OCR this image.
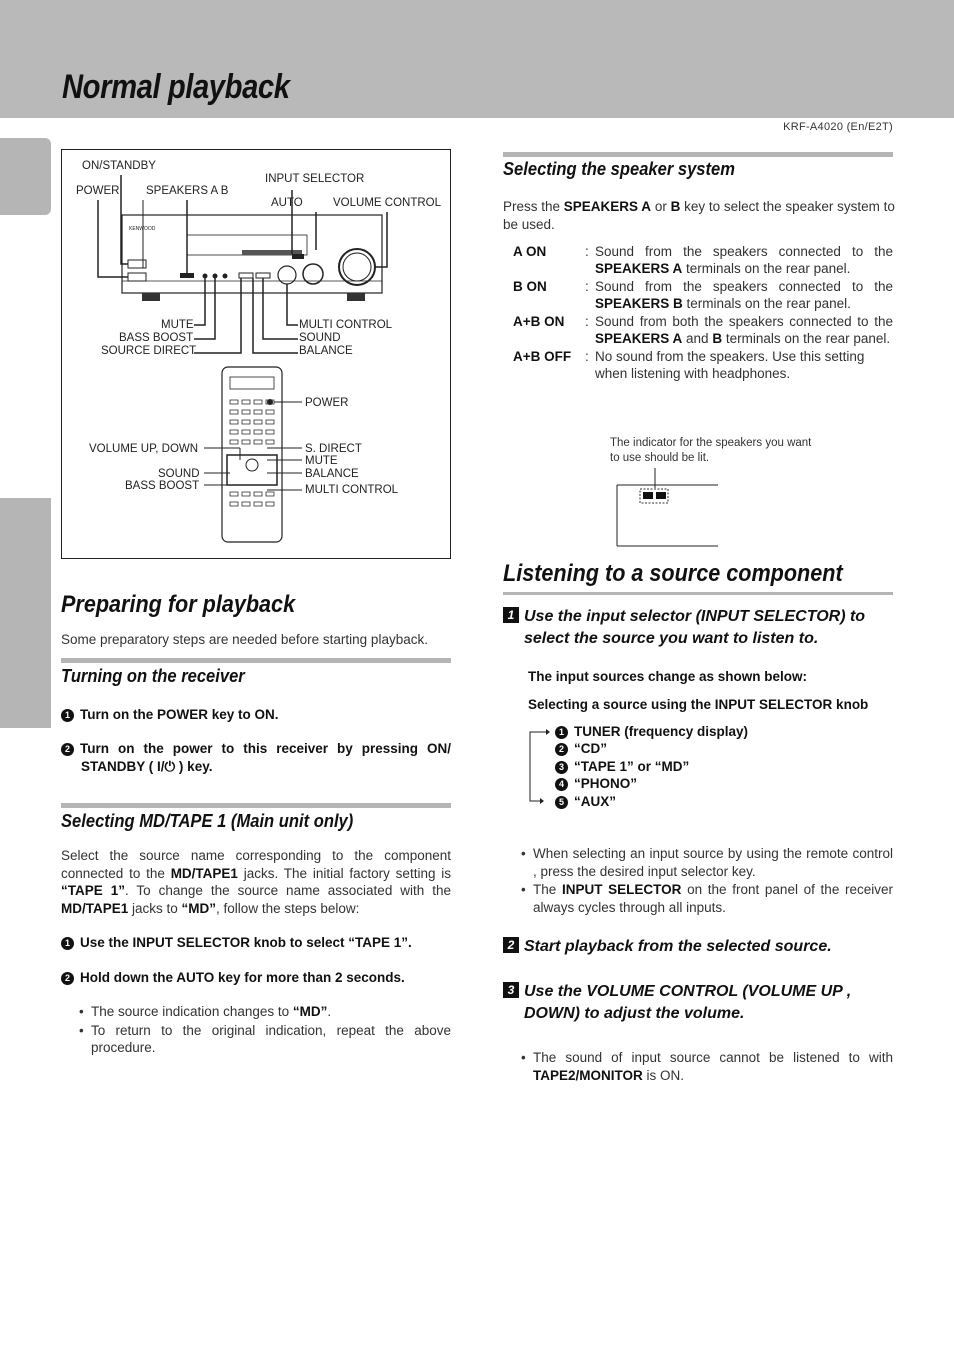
Normal playback
KRF-A4020 (En/E2T)
KENWOOD
ON/STANDBY
POWER SPEAKERS A B
INPUT SELECTOR
AUTO	VOLUME CONTROL
MUTE
BASS BOOST
SOURCE DIRECT
MULTI CONTROL
SOUND
BALANCE
POWER
VOLUME UP, DOWN	S. DIRECT
MUTE
SOUND	BALANCE
BASS BOOST	MULTI CONTROL
Preparing for playback
Some preparatory steps are needed before starting playback.
Turning on the receiver
1 Turn on the POWER key to ON.
2 Turn on the power to this receiver by pressing ON/ STANDBY ( I/⏻ ) key.
Selecting MD/TAPE 1 (Main unit only)
Select the source name corresponding to the component connected to the MD/TAPE1 jacks. The initial factory setting is “TAPE 1”. To change the source name associated with the MD/TAPE1 jacks to “MD”, follow the steps below:
1 Use the INPUT SELECTOR knob to select “TAPE 1”.
2 Hold down the AUTO key for more than 2 seconds.
• The source indication changes to “MD”.
• To return to the original indication, repeat the above procedure.
Selecting the speaker system
Press the SPEAKERS A or B key to select the speaker system to be used.
A ON	:	Sound from the speakers connected to the SPEAKERS A terminals on the rear panel.
B ON	:	Sound from the speakers connected to the SPEAKERS B terminals on the rear panel.
A+B ON	:	Sound from both the speakers connected to the SPEAKERS A and B terminals on the rear panel.
A+B OFF	:	No sound from the speakers. Use this setting when listening with headphones.
The indicator for the speakers you want to use should be lit.
Listening to a source component
1 Use the input selector (INPUT SELECTOR) to select the source you want to listen to.
The input sources change as shown below:
Selecting a source using the INPUT SELECTOR knob
1 TUNER (frequency display)
2 “CD”
3 “TAPE 1” or “MD”
4 “PHONO”
5 “AUX”
• When selecting an input source by using the remote control , press the desired input selector key.
• The INPUT SELECTOR on the front panel of the receiver always cycles through all inputs.
2 Start playback from the selected source.
3 Use the VOLUME CONTROL (VOLUME UP , DOWN) to adjust the volume.
• The sound of input source cannot be listened to with TAPE2/MONITOR is ON.
